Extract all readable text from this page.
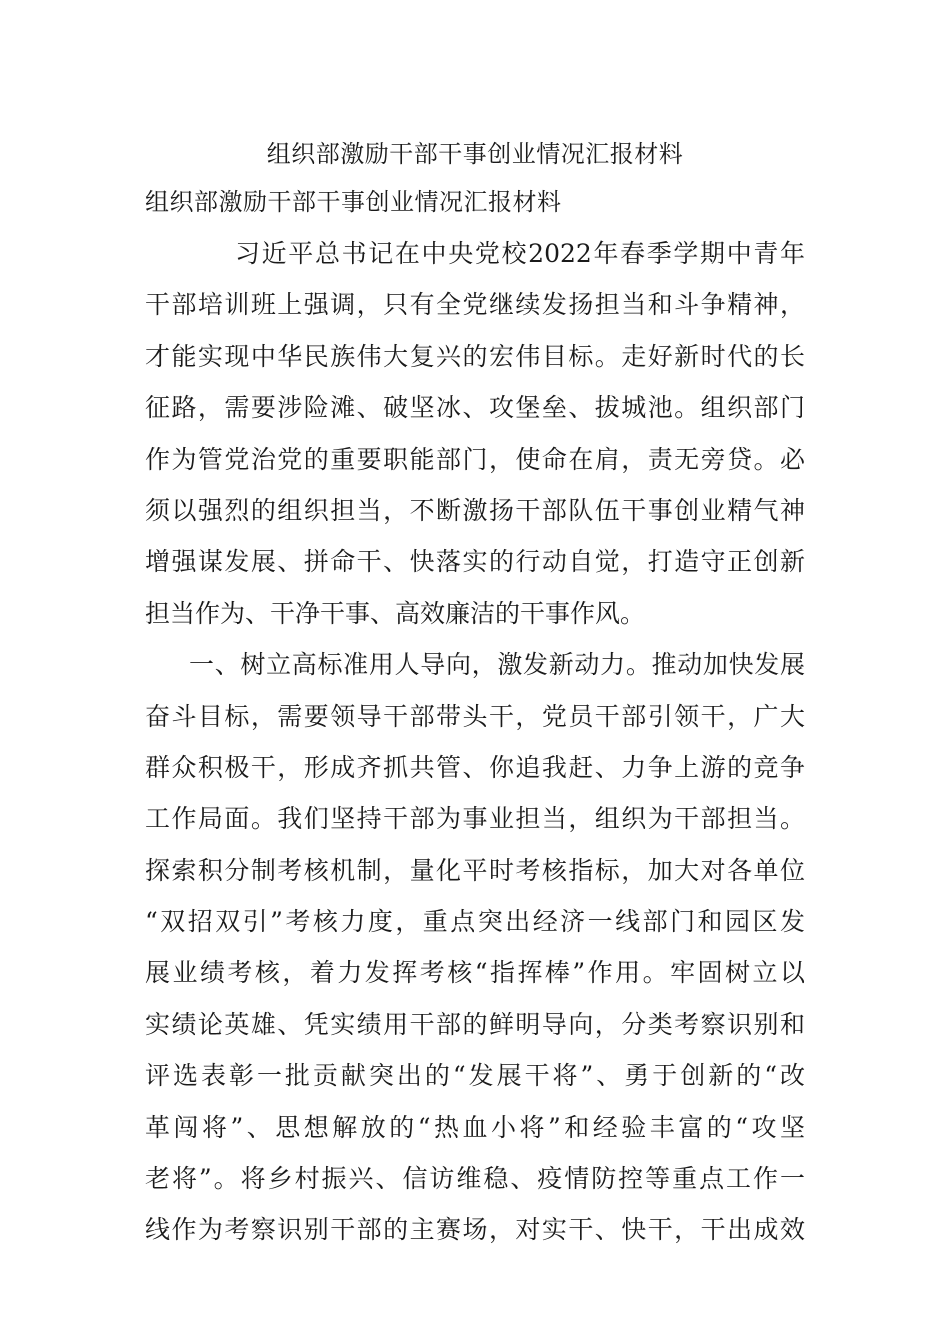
组织部激励干部干事创业情况汇报材料
组织部激励干部干事创业情况汇报材料
习近平总书记在中央党校2022年春季学期中青年
干部培训班上强调，只有全党继续发扬担当和斗争精神，
才能实现中华民族伟大复兴的宏伟目标。走好新时代的长
征路，需要涉险滩、破坚冰、攻堡垒、拔城池。组织部门
作为管党治党的重要职能部门，使命在肩，责无旁贷。必
须以强烈的组织担当，不断激扬干部队伍干事创业精气神
增强谋发展、拼命干、快落实的行动自觉，打造守正创新
担当作为、干净干事、高效廉洁的干事作风。
一、树立高标准用人导向，激发新动力。推动加快发展
奋斗目标，需要领导干部带头干，党员干部引领干，广大
群众积极干，形成齐抓共管、你追我赶、力争上游的竞争
工作局面。我们坚持干部为事业担当，组织为干部担当。
探索积分制考核机制，量化平时考核指标，加大对各单位
“双招双引”考核力度，重点突出经济一线部门和园区发
展业绩考核，着力发挥考核“指挥棒”作用。牢固树立以
实绩论英雄、凭实绩用干部的鲜明导向，分类考察识别和
评选表彰一批贡献突出的“发展干将”、勇于创新的“改
革闯将”、思想解放的“热血小将”和经验丰富的“攻坚
老将”。将乡村振兴、信访维稳、疫情防控等重点工作一
线作为考察识别干部的主赛场，对实干、快干，干出成效
